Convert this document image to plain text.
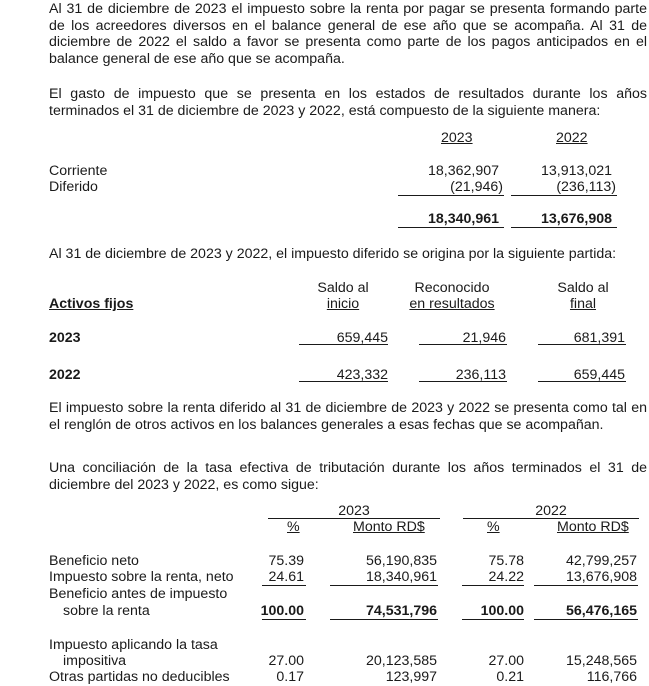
Al 31 de diciembre de 2023 el impuesto sobre la renta por pagar se presenta formando parte de los acreedores diversos en el balance general de ese año que se acompaña. Al 31 de diciembre de 2022 el saldo a favor se presenta como parte de los pagos anticipados en el balance general de ese año que se acompaña.

El gasto de impuesto que se presenta en los estados de resultados durante los años terminados el 31 de diciembre de 2023 y 2022, está compuesto de la siguiente manera:

2023	2022
Corriente	18,362,907	13,913,021
Diferido	(21,946)	(236,113)
18,340,961	13,676,908

Al 31 de diciembre de 2023 y 2022, el impuesto diferido se origina por la siguiente partida:

Saldo al
inicio
Reconocido
en resultados
Saldo al
final
Activos fijos
2023	659,445	21,946	681,391
2022	423,332	236,113	659,445

El impuesto sobre la renta diferido al 31 de diciembre de 2023 y 2022 se presenta como tal en el renglón de otros activos en los balances generales a esas fechas que se acompañan.

Una conciliación de la tasa efectiva de tributación durante los años terminados el 31 de diciembre del 2023 y 2022, es como sigue:

2023	2022
%	Monto RD$	%	Monto RD$
Beneficio neto	75.39	56,190,835	75.78	42,799,257
Impuesto sobre la renta, neto 24.61	18,340,961	24.22	13,676,908
Beneficio antes de impuesto
sobre la renta	100.00	74,531,796	100.00	56,476,165
Impuesto aplicando la tasa
impositiva	27.00	20,123,585	27.00	15,248,565
Otras partidas no deducibles	0.17	123,997	0.21	116,766
